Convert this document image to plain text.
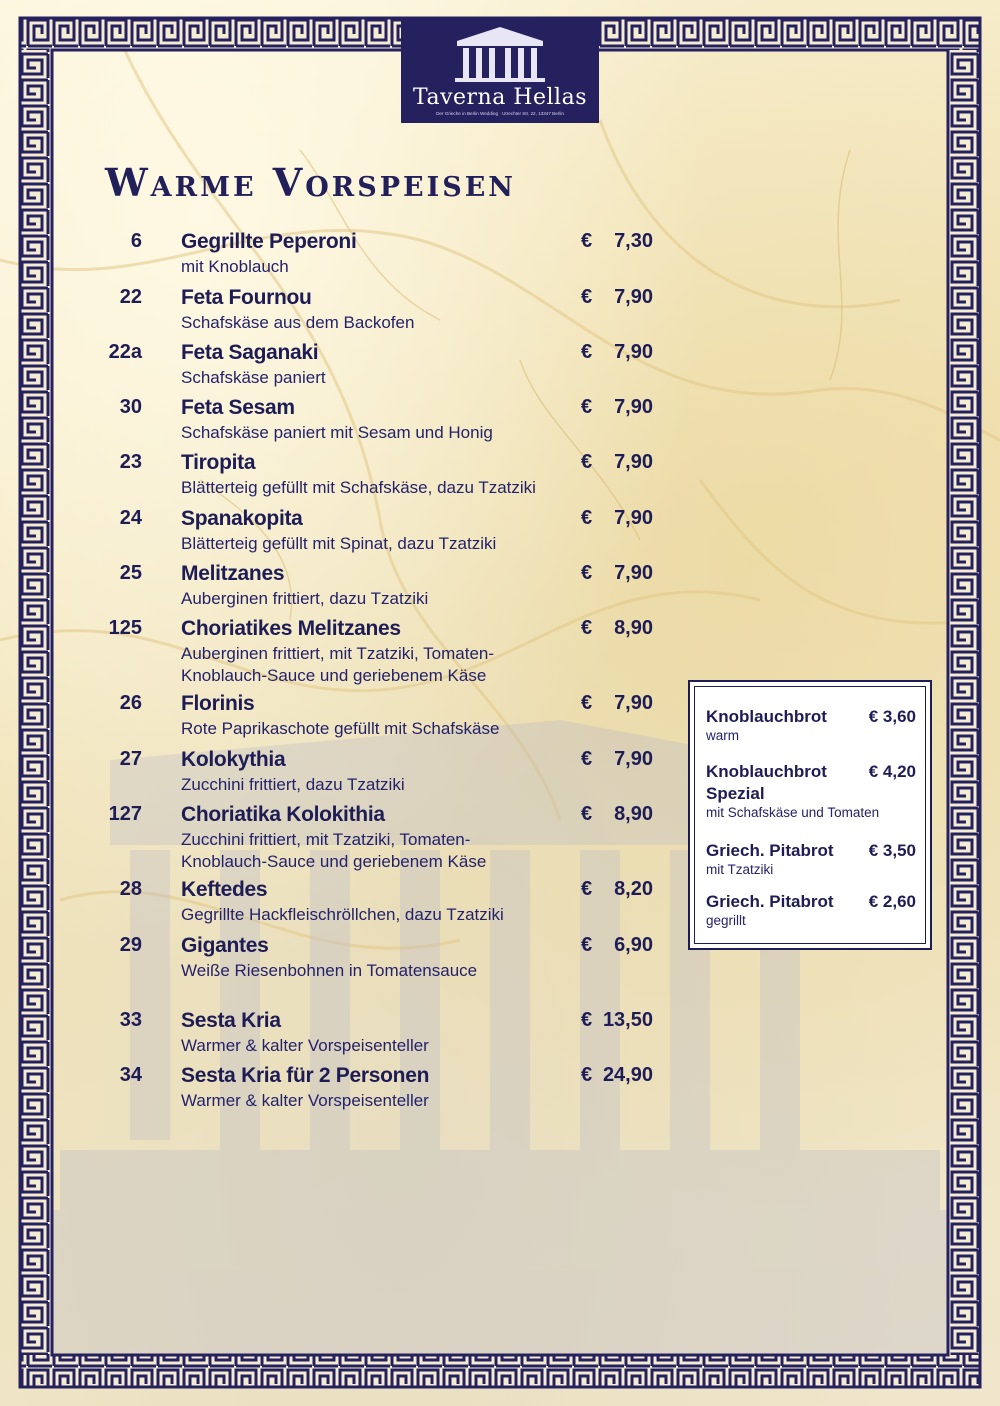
Taverna Hellas
Der Grieche in Berlin Wedding · Utrechter Str. 22, 13347 Berlin
Warme Vorspeisen
6 Gegrillte Peperoni
mit Knoblauch
€	7,30
22 Feta Fournou
Schafskäse aus dem Backofen
€	7,90
22a Feta Saganaki
Schafskäse paniert
€	7,90
30 Feta Sesam
Schafskäse paniert mit Sesam und Honig
€	7,90
23 Tiropita
Blätterteig gefüllt mit Schafskäse, dazu Tzatziki
€	7,90
24 Spanakopita
Blätterteig gefüllt mit Spinat, dazu Tzatziki
€	7,90
25 Melitzanes
Auberginen frittiert, dazu Tzatziki
€	7,90
125 Choriatikes Melitzanes
Auberginen frittiert, mit Tzatziki, Tomaten-Knoblauch-Sauce und geriebenem Käse
€	8,90
26 Florinis
Rote Paprikaschote gefüllt mit Schafskäse
€	7,90
27 Kolokythia
Zucchini frittiert, dazu Tzatziki
€	7,90
127 Choriatika Kolokithia
Zucchini frittiert, mit Tzatziki, Tomaten-Knoblauch-Sauce und geriebenem Käse
€	8,90
28 Keftedes
Gegrillte Hackfleischröllchen, dazu Tzatziki
€	8,20
29 Gigantes
Weiße Riesenbohnen in Tomatensauce
€	6,90
33 Sesta Kria
Warmer & kalter Vorspeisenteller
€ 13,50
34 Sesta Kria für 2 Personen
Warmer & kalter Vorspeisenteller
€ 24,90
Knoblauchbrot	€ 3,60
warm
Knoblauchbrot Spezial
€ 4,20
mit Schafskäse und Tomaten
Griech. Pitabrot	€ 3,50
mit Tzatziki
Griech. Pitabrot	€ 2,60
gegrillt
